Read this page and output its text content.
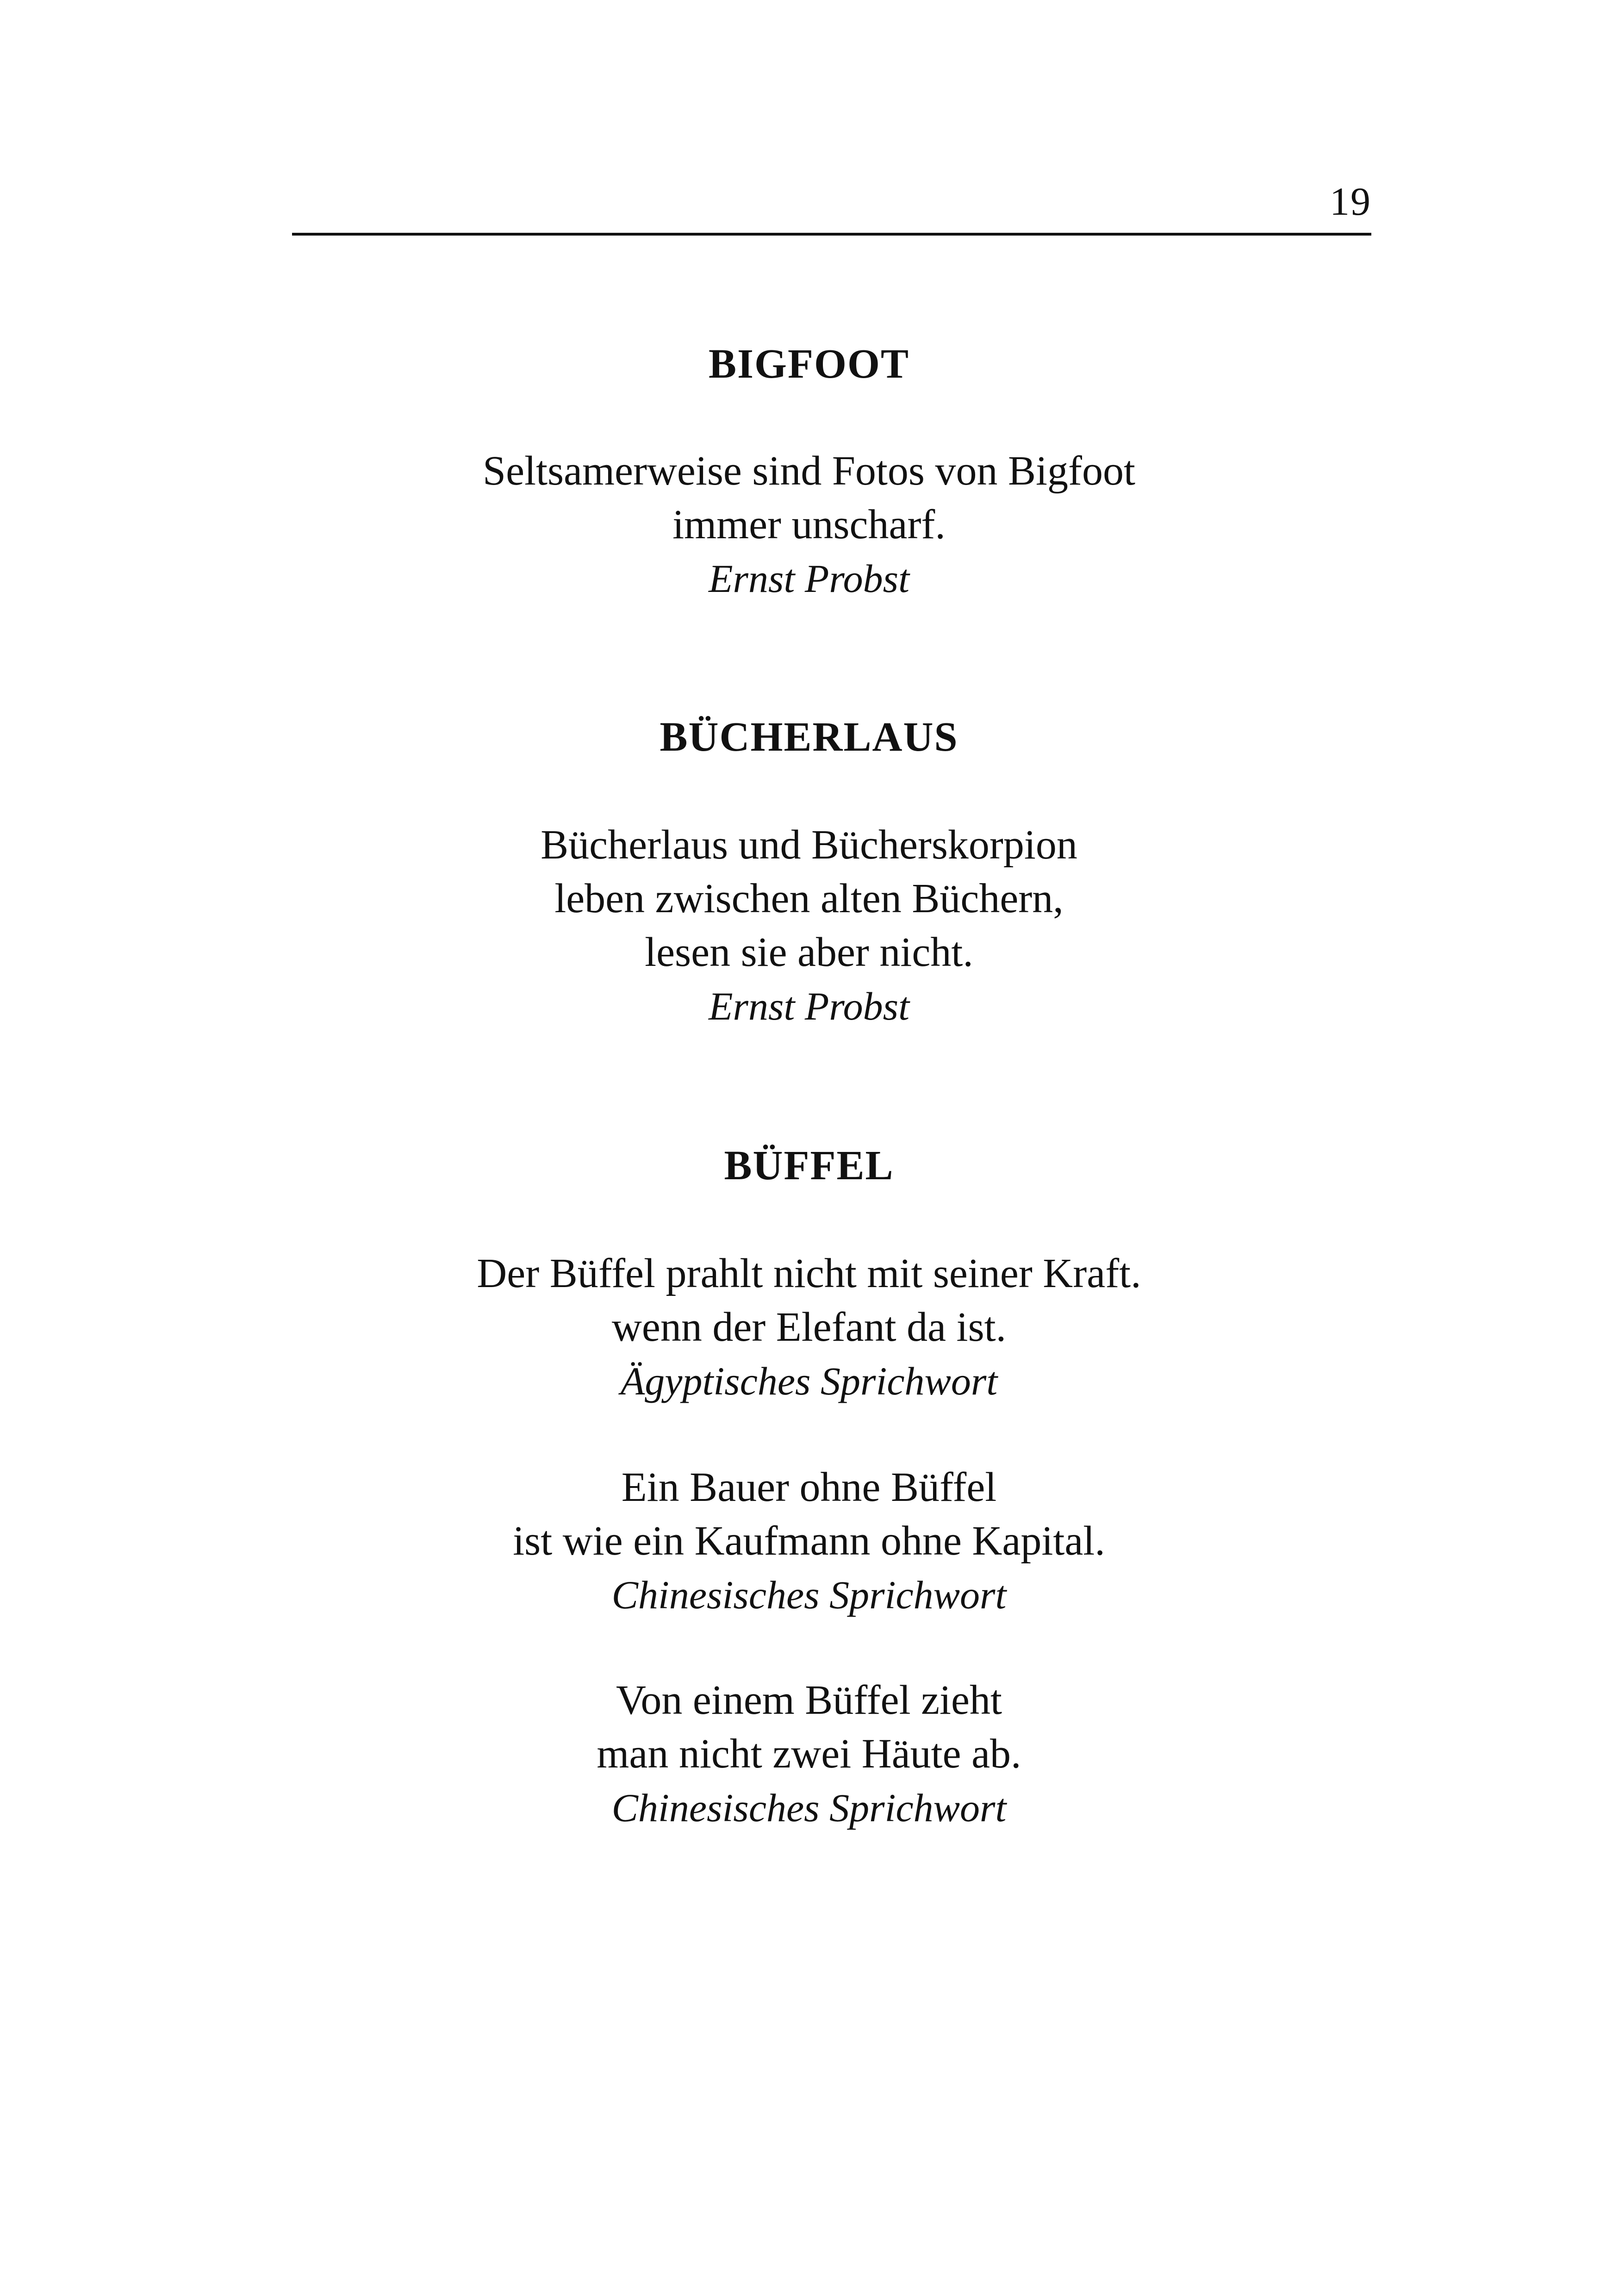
19
BIGFOOT
Seltsamerweise sind Fotos von Bigfoot
immer unscharf.
Ernst Probst
BÜCHERLAUS
Bücherlaus und Bücherskorpion
leben zwischen alten Büchern,
lesen sie aber nicht.
Ernst Probst
BÜFFEL
Der Büffel prahlt nicht mit seiner Kraft.
wenn der Elefant da ist.
Ägyptisches Sprichwort
Ein Bauer ohne Büffel
ist wie ein Kaufmann ohne Kapital.
Chinesisches Sprichwort
Von einem Büffel zieht
man nicht zwei Häute ab.
Chinesisches Sprichwort
